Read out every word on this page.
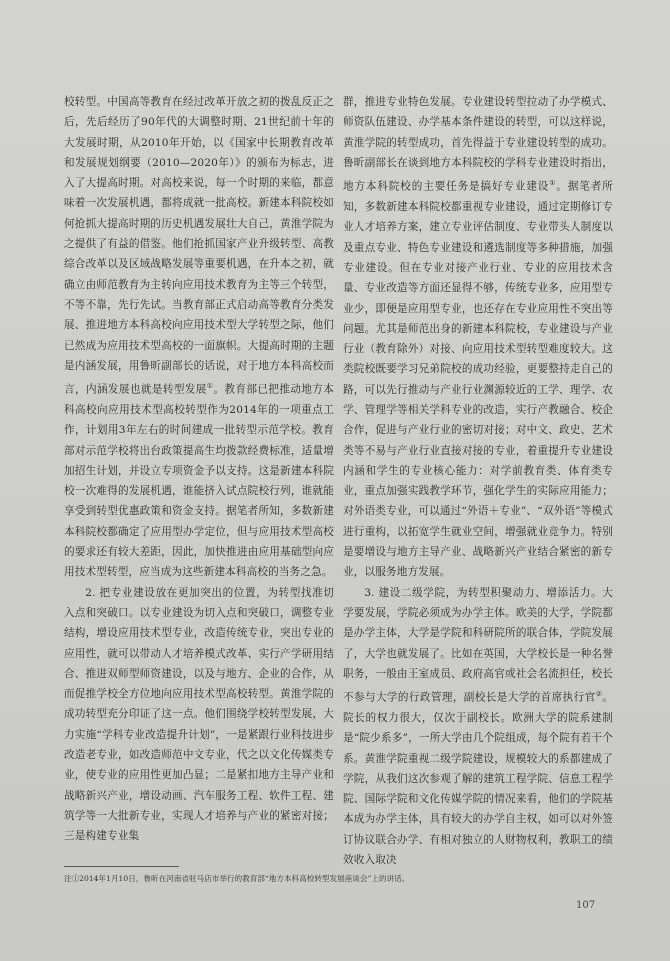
校转型。中国高等教育在经过改革开放之初的拨乱反正之后，先后经历了90年代的大调整时期、21世纪前十年的大发展时期，从2010年开始，以《国家中长期教育改革和发展规划纲要（2010—2020年）》的颁布为标志，进入了大提高时期。对高校来说，每一个时期的来临，都意味着一次发展机遇，都将成就一批高校。新建本科院校如何抢抓大提高时期的历史机遇发展壮大自己，黄淮学院为之提供了有益的借鉴。他们抢抓国家产业升级转型、高教综合改革以及区域战略发展等重要机遇，在升本之初，就确立由师范教育为主转向应用技术教育为主等三个转型，不等不靠，先行先试。当教育部正式启动高等教育分类发展、推进地方本科高校向应用技术型大学转型之际，他们已然成为应用技术型高校的一面旗帜。大提高时期的主题是内涵发展，用鲁昕副部长的话说，对于地方本科高校而言，内涵发展也就是转型发展①。教育部已把推动地方本科高校向应用技术型高校转型作为2014年的一项重点工作，计划用3年左右的时间建成一批转型示范学校。教育部对示范学校将出台政策提高生均拨款经费标准，适量增加招生计划，并设立专项资金予以支持。这是新建本科院校一次难得的发展机遇，谁能挤入试点院校行列，谁就能享受到转型优惠政策和资金支持。据笔者所知，多数新建本科院校都确定了应用型办学定位，但与应用技术型高校的要求还有较大差距，因此，加快推进由应用基础型向应用技术型转型，应当成为这些新建本科高校的当务之急。

2. 把专业建设放在更加突出的位置，为转型找准切入点和突破口。以专业建设为切入点和突破口，调整专业结构，增设应用技术型专业，改造传统专业，突出专业的应用性，就可以带动人才培养模式改革、实行产学研用结合、推进双师型师资建设，以及与地方、企业的合作，从而促推学校全方位地向应用技术型高校转型。黄淮学院的成功转型充分印证了这一点。他们围绕学校转型发展，大力实施“学科专业改造提升计划”，一是紧跟行业科技进步改造老专业，如改造师范中文专业，代之以文化传媒类专业，使专业的应用性更加凸显；二是紧扣地方主导产业和战略新兴产业，增设动画、汽车服务工程、软件工程、建筑学等一大批新专业，实现人才培养与产业的紧密对接；三是构建专业集

群，推进专业特色发展。专业建设转型拉动了办学模式、师资队伍建设、办学基本条件建设的转型，可以这样说，黄淮学院的转型成功，首先得益于专业建设转型的成功。鲁昕副部长在谈到地方本科院校的学科专业建设时指出，地方本科院校的主要任务是搞好专业建设①。据笔者所知，多数新建本科院校都重视专业建设，通过定期修订专业人才培养方案，建立专业评估制度、专业带头人制度以及重点专业、特色专业建设和遴选制度等多种措施，加强专业建设。但在专业对接产业行业、专业的应用技术含量、专业改造等方面还显得不够，传统专业多，应用型专业少，即便是应用型专业，也还存在专业应用性不突出等问题。尤其是师范出身的新建本科院校，专业建设与产业行业（教育除外）对接、向应用技术型转型难度较大。这类院校既要学习兄弟院校的成功经验，更要整持走自己的路，可以先行推动与产业行业渊源较近的工学、理学、农学、管理学等相关学科专业的改造，实行产教融合、校企合作，促进与产业行业的密切对接；对中文、政史、艺术类等不易与产业行业直接对接的专业，着重提升专业建设内涵和学生的专业核心能力：对学前教育类、体育类专业，重点加强实践教学环节，强化学生的实际应用能力；对外语类专业，可以通过“外语＋专业”、“双外语”等模式进行重构，以拓宽学生就业空间，增强就业竞争力。特别是要增设与地方主导产业、战略新兴产业结合紧密的新专业，以服务地方发展。

3. 建设二级学院，为转型积聚动力、增添活力。大学要发展，学院必须成为办学主体。欧美的大学，学院都是办学主体，大学是学院和科研院所的联合体，学院发展了，大学也就发展了。比如在英国，大学校长是一种名誉职务，一般由王室成员、政府高官或社会名流担任，校长不参与大学的行政管理，副校长是大学的首席执行官②。院长的权力很大，仅次于副校长。欧洲大学的院系建制是“院少系多”，一所大学由几个院组成，每个院有若干个系。黄淮学院重视二级学院建设，规模较大的系都建成了学院，从我们这次参观了解的建筑工程学院、信息工程学院、国际学院和文化传媒学院的情况来看，他们的学院基本成为办学主体，具有较大的办学自主权，如可以对外签订协议联合办学、有相对独立的人财物权利，教职工的绩效收入取决

注①2014年1月10日，鲁昕在河南省驻马店市举行的教育部“地方本科高校转型发展座谈会”上的讲话。
107
